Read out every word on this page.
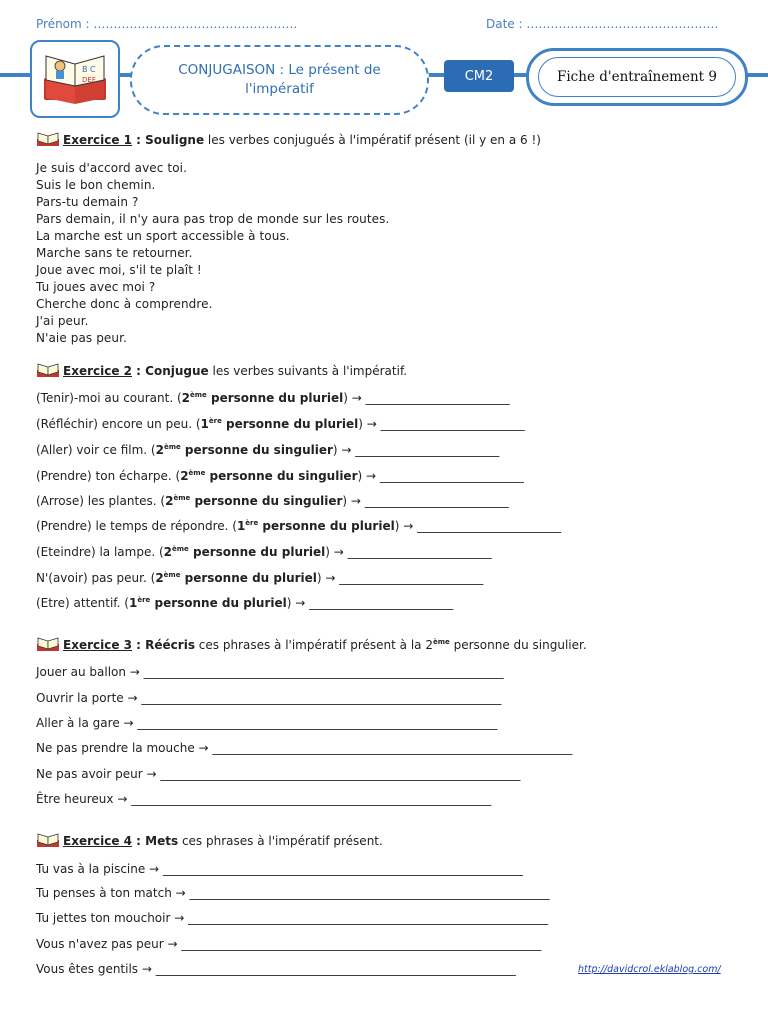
Prénom : ……………………………………………	Date : …………………………………………
B C
DEF
CONJUGAISON : Le présent de l'impératif
CM2	Fiche d'entraînement 9
Exercice 1 : Souligne les verbes conjugués à l'impératif présent (il y en a 6 !)
Je suis d'accord avec toi.
Suis le bon chemin.
Pars-tu demain ?
Pars demain, il n'y aura pas trop de monde sur les routes.
La marche est un sport accessible à tous.
Marche sans te retourner.
Joue avec moi, s'il te plaît !
Tu joues avec moi ?
Cherche donc à comprendre.
J'ai peur.
N'aie pas peur.
Exercice 2 : Conjugue les verbes suivants à l'impératif.
(Tenir)-moi au courant. (2ème personne du pluriel) → ________________________
(Réfléchir) encore un peu. (1ère personne du pluriel) → ________________________
(Aller) voir ce film. (2ème personne du singulier) → ________________________
(Prendre) ton écharpe. (2ème personne du singulier) → ________________________
(Arrose) les plantes. (2ème personne du singulier) → ________________________
(Prendre) le temps de répondre. (1ère personne du pluriel) → ________________________
(Eteindre) la lampe. (2ème personne du pluriel) → ________________________
N'(avoir) pas peur. (2ème personne du pluriel) → ________________________
(Etre) attentif. (1ère personne du pluriel) → ________________________
Exercice 3 : Réécris ces phrases à l'impératif présent à la 2ème personne du singulier.
Jouer au ballon → ____________________________________________________________
Ouvrir la porte → ____________________________________________________________
Aller à la gare → ____________________________________________________________
Ne pas prendre la mouche → ____________________________________________________________
Ne pas avoir peur → ____________________________________________________________
Être heureux → ____________________________________________________________
Exercice 4 : Mets ces phrases à l'impératif présent.
Tu vas à la piscine → ____________________________________________________________
Tu penses à ton match → ____________________________________________________________
Tu jettes ton mouchoir → ____________________________________________________________
Vous n'avez pas peur → ____________________________________________________________
Vous êtes gentils → ____________________________________________________________	http://davidcrol.eklablog.com/
